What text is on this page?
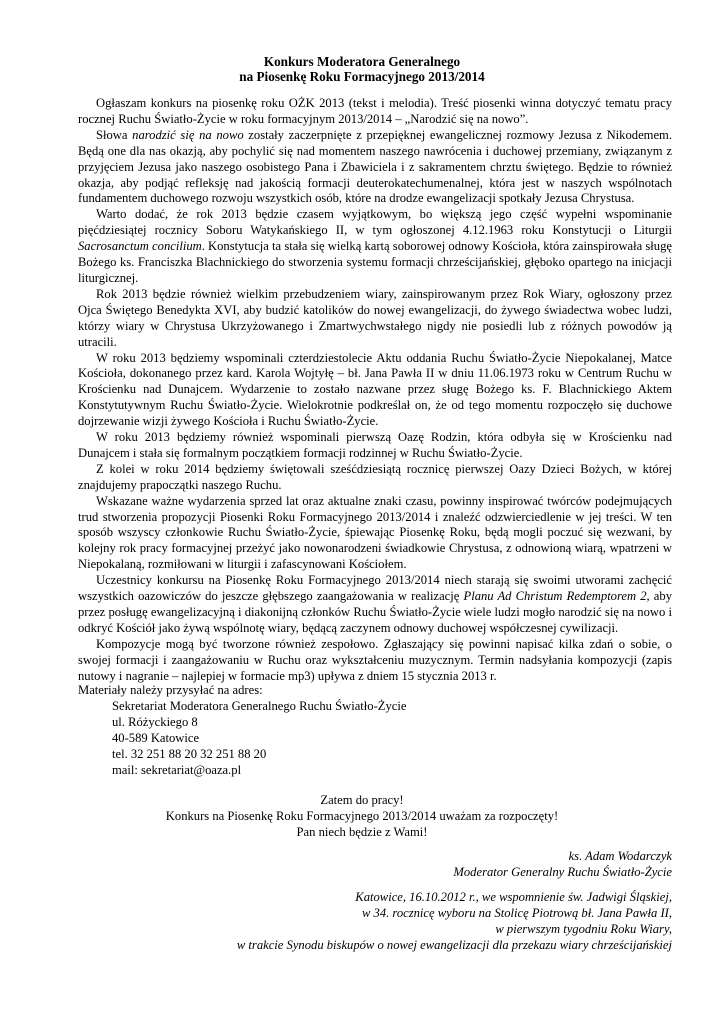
Konkurs Moderatora Generalnego
na Piosenkę Roku Formacyjnego 2013/2014

Ogłaszam konkurs na piosenkę roku OŻK 2013 (tekst i melodia). Treść piosenki winna dotyczyć tematu pracy rocznej Ruchu Światło-Życie w roku formacyjnym 2013/2014 – „Narodzić się na nowo”.

Słowa narodzić się na nowo zostały zaczerpnięte z przepięknej ewangelicznej rozmowy Jezusa z Nikodemem. Będą one dla nas okazją, aby pochylić się nad momentem naszego nawrócenia i duchowej przemiany, związanym z przyjęciem Jezusa jako naszego osobistego Pana i Zbawiciela i z sakramentem chrztu świętego. Będzie to również okazja, aby podjąć refleksję nad jakością formacji deuterokatechumenalnej, która jest w naszych wspólnotach fundamentem duchowego rozwoju wszystkich osób, które na drodze ewangelizacji spotkały Jezusa Chrystusa.

Warto dodać, że rok 2013 będzie czasem wyjątkowym, bo większą jego część wypełni wspominanie pięćdziesiątej rocznicy Soboru Watykańskiego II, w tym ogłoszonej 4.12.1963 roku Konstytucji o Liturgii Sacrosanctum concilium. Konstytucja ta stała się wielką kartą soborowej odnowy Kościoła, która zainspirowała sługę Bożego ks. Franciszka Blachnickiego do stworzenia systemu formacji chrześcijańskiej, głęboko opartego na inicjacji liturgicznej.

Rok 2013 będzie również wielkim przebudzeniem wiary, zainspirowanym przez Rok Wiary, ogłoszony przez Ojca Świętego Benedykta XVI, aby budzić katolików do nowej ewangelizacji, do żywego świadectwa wobec ludzi, którzy wiary w Chrystusa Ukrzyżowanego i Zmartwychwstałego nigdy nie posiedli lub z różnych powodów ją utracili.

W roku 2013 będziemy wspominali czterdziestolecie Aktu oddania Ruchu Światło-Życie Niepokalanej, Matce Kościoła, dokonanego przez kard. Karola Wojtyłę – bł. Jana Pawła II w dniu 11.06.1973 roku w Centrum Ruchu w Krościenku nad Dunajcem. Wydarzenie to zostało nazwane przez sługę Bożego ks. F. Blachnickiego Aktem Konstytutywnym Ruchu Światło-Życie. Wielokrotnie podkreślał on, że od tego momentu rozpoczęło się duchowe dojrzewanie wizji żywego Kościoła i Ruchu Światło-Życie.

W roku 2013 będziemy również wspominali pierwszą Oazę Rodzin, która odbyła się w Krościenku nad Dunajcem i stała się formalnym początkiem formacji rodzinnej w Ruchu Światło-Życie.

Z kolei w roku 2014 będziemy świętowali sześćdziesiątą rocznicę pierwszej Oazy Dzieci Bożych, w której znajdujemy prapoczątki naszego Ruchu.

Wskazane ważne wydarzenia sprzed lat oraz aktualne znaki czasu, powinny inspirować twórców podejmujących trud stworzenia propozycji Piosenki Roku Formacyjnego 2013/2014 i znaleźć odzwierciedlenie w jej treści. W ten sposób wszyscy członkowie Ruchu Światło-Życie, śpiewając Piosenkę Roku, będą mogli poczuć się wezwani, by kolejny rok pracy formacyjnej przeżyć jako nowonarodzeni świadkowie Chrystusa, z odnowioną wiarą, wpatrzeni w Niepokalaną, rozmiłowani w liturgii i zafascynowani Kościołem.

Uczestnicy konkursu na Piosenkę Roku Formacyjnego 2013/2014 niech starają się swoimi utworami zachęcić wszystkich oazowiczów do jeszcze głębszego zaangażowania w realizację Planu Ad Christum Redemptorem 2, aby przez posługę ewangelizacyjną i diakonijną członków Ruchu Światło-Życie wiele ludzi mogło narodzić się na nowo i odkryć Kościół jako żywą wspólnotę wiary, będącą zaczynem odnowy duchowej współczesnej cywilizacji.

Kompozycje mogą być tworzone również zespołowo. Zgłaszający się powinni napisać kilka zdań o sobie, o swojej formacji i zaangażowaniu w Ruchu oraz wykształceniu muzycznym. Termin nadsyłania kompozycji (zapis nutowy i nagranie – najlepiej w formacie mp3) upływa z dniem 15 stycznia 2013 r.

Materiały należy przysyłać na adres:
Sekretariat Moderatora Generalnego Ruchu Światło-Życie
ul. Różyckiego 8
40-589 Katowice
tel. 32 251 88 20 32 251 88 20
mail: sekretariat@oaza.pl
Zatem do pracy!
Konkurs na Piosenkę Roku Formacyjnego 2013/2014 uważam za rozpoczęty!
Pan niech będzie z Wami!
ks. Adam Wodarczyk
Moderator Generalny Ruchu Światło-Życie
Katowice, 16.10.2012 r., we wspomnienie św. Jadwigi Śląskiej,
w 34. rocznicę wyboru na Stolicę Piotrową bł. Jana Pawła II,
w pierwszym tygodniu Roku Wiary,
w trakcie Synodu biskupów o nowej ewangelizacji dla przekazu wiary chrześcijańskiej
